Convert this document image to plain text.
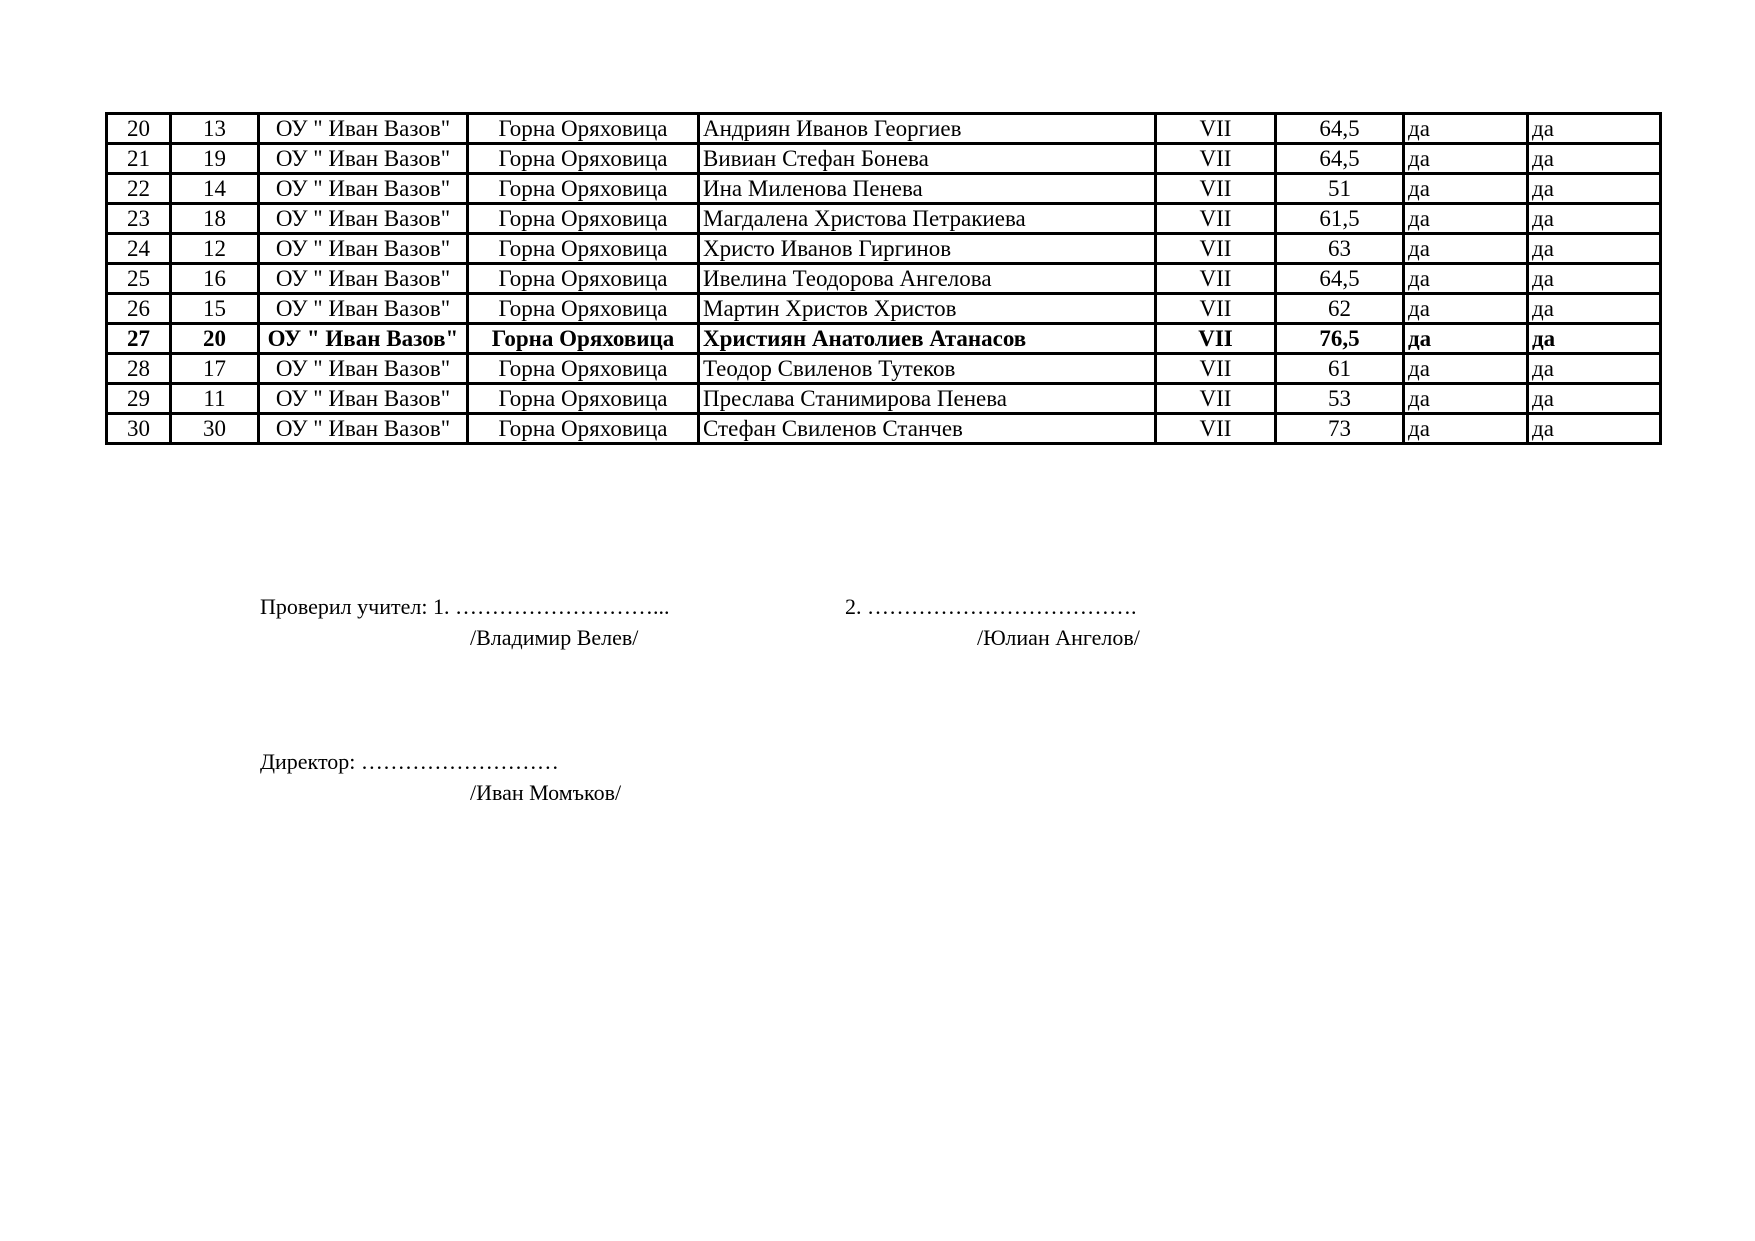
20	13	ОУ " Иван Вазов"	Горна Оряховица	Андриян Иванов Георгиев	VII	64,5	да	да
21	19	ОУ " Иван Вазов"	Горна Оряховица	Вивиан Стефан Бонева	VII	64,5	да	да
22	14	ОУ " Иван Вазов"	Горна Оряховица	Ина Миленова Пенева	VII	51	да	да
23	18	ОУ " Иван Вазов"	Горна Оряховица	Магдалена Христова Петракиева	VII	61,5	да	да
24	12	ОУ " Иван Вазов"	Горна Оряховица	Христо Иванов Гиргинов	VII	63	да	да
25	16	ОУ " Иван Вазов"	Горна Оряховица	Ивелина Теодорова Ангелова	VII	64,5	да	да
26	15	ОУ " Иван Вазов"	Горна Оряховица	Мартин Христов Христов	VII	62	да	да
27	20	ОУ " Иван Вазов"	Горна Оряховица	Християн Анатолиев Атанасов	VII	76,5	да	да
28	17	ОУ " Иван Вазов"	Горна Оряховица	Теодор Свиленов Тутеков	VII	61	да	да
29	11	ОУ " Иван Вазов"	Горна Оряховица	Преслава Станимирова Пенева	VII	53	да	да
30	30	ОУ " Иван Вазов"	Горна Оряховица	Стефан Свиленов Станчев	VII	73	да	да
Проверил учител: 1. ………………………...	2. ……………………………….
/Владимир Велев/	/Юлиан Ангелов/
Директор: ………………………
/Иван Момъков/
